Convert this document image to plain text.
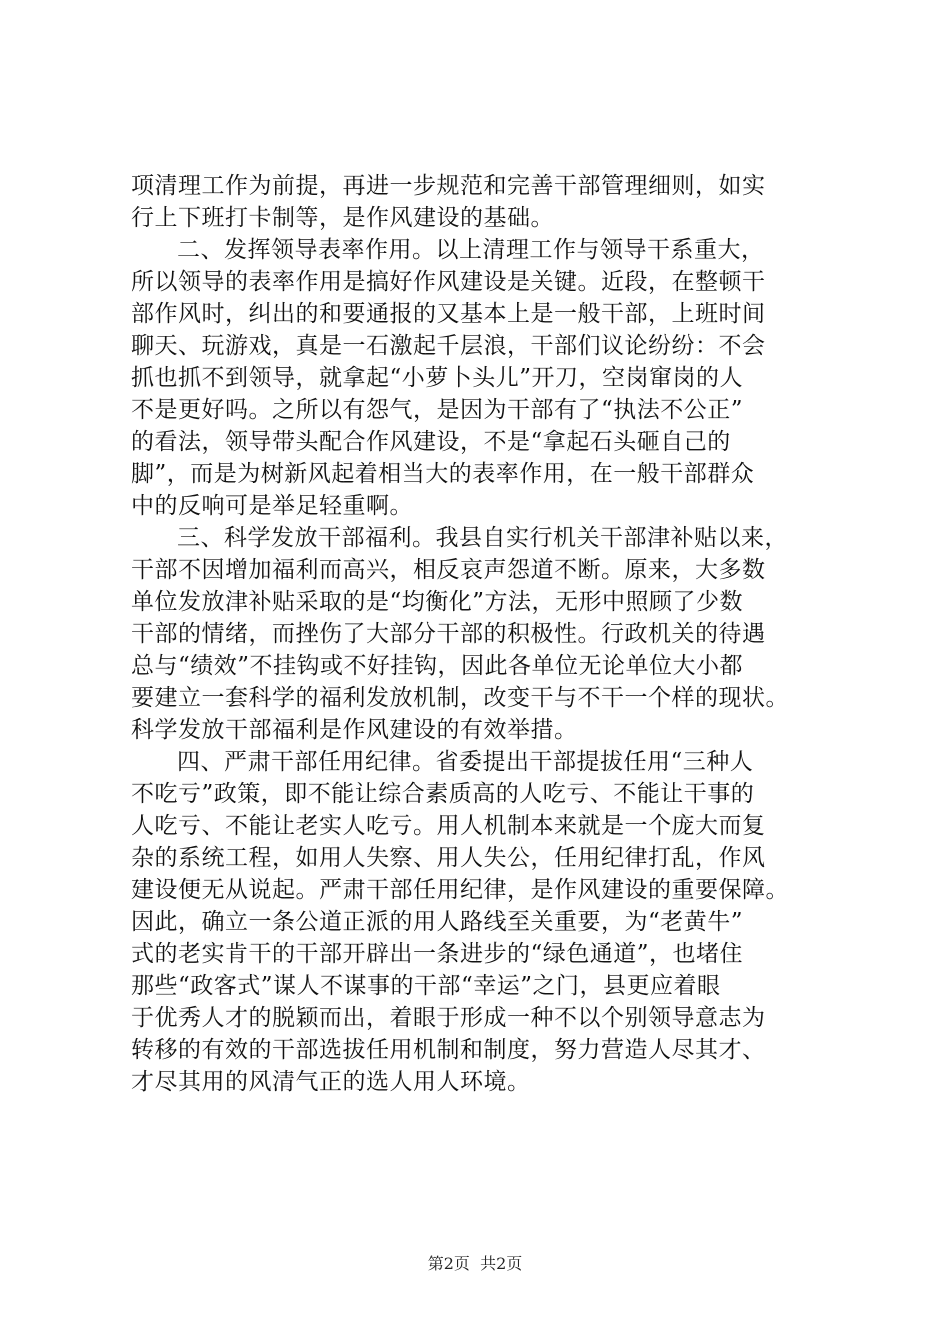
项清理工作为前提，再进一步规范和完善干部管理细则，如实
行上下班打卡制等，是作风建设的基础。
二、发挥领导表率作用。以上清理工作与领导干系重大，
所以领导的表率作用是搞好作风建设是关键。近段，在整顿干
部作风时，纠出的和要通报的又基本上是一般干部，上班时间
聊天、玩游戏，真是一石激起千层浪，干部们议论纷纷：不会
抓也抓不到领导，就拿起“小萝卜头儿”开刀，空岗窜岗的人
不是更好吗。之所以有怨气，是因为干部有了“执法不公正”
的看法，领导带头配合作风建设，不是“拿起石头砸自己的
脚”，而是为树新风起着相当大的表率作用，在一般干部群众
中的反响可是举足轻重啊。
三、科学发放干部福利。我县自实行机关干部津补贴以来，
干部不因增加福利而高兴，相反哀声怨道不断。原来，大多数
单位发放津补贴采取的是“均衡化”方法，无形中照顾了少数
干部的情绪，而挫伤了大部分干部的积极性。行政机关的待遇
总与“绩效”不挂钩或不好挂钩，因此各单位无论单位大小都
要建立一套科学的福利发放机制，改变干与不干一个样的现状。
科学发放干部福利是作风建设的有效举措。
四、严肃干部任用纪律。省委提出干部提拔任用“三种人
不吃亏”政策，即不能让综合素质高的人吃亏、不能让干事的
人吃亏、不能让老实人吃亏。用人机制本来就是一个庞大而复
杂的系统工程，如用人失察、用人失公，任用纪律打乱，作风
建设便无从说起。严肃干部任用纪律，是作风建设的重要保障。
因此，确立一条公道正派的用人路线至关重要，为“老黄牛”
式的老实肯干的干部开辟出一条进步的“绿色通道”，也堵住
那些“政客式”谋人不谋事的干部“幸运”之门，县更应着眼
于优秀人才的脱颖而出，着眼于形成一种不以个别领导意志为
转移的有效的干部选拔任用机制和制度，努力营造人尽其才、
才尽其用的风清气正的选人用人环境。
第2页  共2页
